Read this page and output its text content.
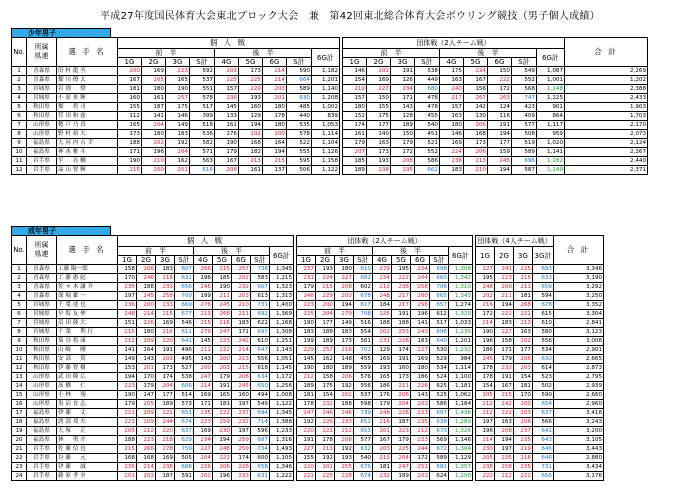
平成27年度国民体育大会東北ブロック大会　兼　第42回東北総合体育大会ボウリング競技（男子個人成績）
少年男子
No.	所属
県連	選 手 名	個 人 戦										団体戦（2人チーム戦）									合 計
			前　半				後　半				6G計		前　半				後　半				6G計	
			1G	2G	3G	S計	4G	5G	6G	S計			1G	2G	3G	S計	4G	5G	6G	S計		
1	青森県	田 村 龍 丞	200	169	223	592	203	173	214	590	1,182		146	201	191	538	175	224	150	549	1,087	2,269
2	青森県	畑 川 僚 太	167	205	165	537	225	225	214	664	1,201		154	169	126	449	163	167	222	552	1,001	1,202
3	宮城県	岩 渕 　 奨	181	180	190	551	157	229	203	589	1,140		219	227	234	680	240	156	172	568	1,248	2,388
4	宮城県	小 原 来 輝	160	161	257	578	236	193	201	630	1,208		157	150	171	478	217	267	263	747	1,225	2,433
5	秋田県	畑 　 将 司	155	187	175	517	145	160	180	485	1,002		180	155	143	478	157	142	124	423	901	1,903
6	秋田県	菅 田 和 慈	112	141	146	399	133	129	178	440	839		152	175	128	455	163	130	116	409	864	1,703
7	山形県	穂 戸 乃 真	165	204	149	518	161	194	180	535	1,053		174	177	189	540	180	206	191	577	1,117	2,170
8	山形県	野 村 裕 大	173	180	183	536	176	202	200	578	1,114		161	140	150	451	146	168	194	508	959	2,073
9	福島県	大 河 内 吉 幸	188	202	192	582	190	168	164	522	1,104		179	163	179	521	169	173	177	519	1,020	2,124
10	福島県	神 氷 雅 斗	171	196	204	571	179	182	194	555	1,126		207	173	172	552	224	206	159	589	1,141	2,267
11	岩手県	平 　 亮 輔	190	210	162	563	167	213	215	595	1,158		185	193	208	586	238	213	245	696	1,282	2,440
12	岩手県	晶 山 智 輝	215	200	201	616	208	161	137	506	1,122		189	238	235	662	183	210	194	587	1,249	2,371
成年男子
No.	所属
県連	選 手 名	個 人 戦										団体戦（2人チーム戦）										団体戦（4人チーム戦）				合 計
			前　半				後　半				6G計		前　半				後　半				6G計		1G	2G	3G	3G計	
			1G	2G	3G	S計	4G	5G	6G	S計			1G	2G	3G	S計	4G	5G	6G	S計							
1	青森県	工藤 陽一郎	158	266	183	607	266	215	257	738	1,345		237	193	180	610	279	195	224	698	1,308		227	241	225	693	3,346
2	青森県	工 藤 憲 紀	170	246	216	632	196	185	202	583	1,215		231	224	227	682	234	222	204	660	1,342		195	223	215	633	3,190
3	青森県	佐 々 木 謙 介	235	188	233	656	245	190	232	667	1,323		179	215	208	602	212	238	258	708	1,310		248	200	211	659	3,292
4	青森県	深 堀 雄 一	197	245	258	700	199	211	203	613	1,313		246	229	203	678	248	217	200	665	1,343		202	211	181	594	3,250
5	宮城県	千 葉 達 也	236	200	233	669	276	245	210	731	1,400		223	200	194	617	184	217	256	657	1,274		216	194	268	678	3,352
6	宮城県	早 坂 友 伸	248	214	215	677	213	268	211	692	1,369		225	204	279	708	225	191	196	612	1,320		172	222	221	615	3,304
7	宮城県	沼 田 隆 大	151	226	169	546	215	216	183	622	1,168		190	177	149	516	188	188	141	517	1,033		214	183	213	610	2,841
8	宮城県	千 葉 　 利 行	215	180	216	611	279	247	171	697	1,308		183	188	183	554	202	253	243	698	1,235		190	227	163	580	3,123
9	秋田県	菊 谷 将 康	212	209	220	641	145	223	242	610	1,251		199	189	173	561	231	226	183	640	1,201		196	158	202	556	3,008
10	秋田県	山 崎 　 剛	141	164	191	496	211	222	214	647	1,143		229	257	216	702	129	174	227	530	1,232		186	171	177	534	2,901
11	秋田県	安 部 　 篤	149	143	203	495	143	200	213	556	1,051		145	162	148	455	169	191	169	529	984		245	179	206	630	2,665
12	秋田県	伊 藤 智 樹	153	201	173	527	200	203	215	618	1,145		190	180	189	559	193	160	180	534	1,114		178	233	203	614	2,873
13	山形県	武 田 隆 広	194	170	174	538	247	179	208	634	1,172		212	158	206	576	165	173	186	524	1,100		178	191	154	523	2,795
14	山形県	髙 橋 　 仁	223	179	204	606	214	191	245	650	1,256		189	175	192	556	186	211	226	625	1,181		154	167	181	502	2,939
15	山形県	小 林 　 翔	190	147	177	514	169	165	160	494	1,008		181	154	202	537	176	206	143	525	1,062		205	215	170	590	2,660
16	山形県	黒 沼 直 志	179	205	189	573	171	181	197	549	1,122		178	232	188	598	179	204	203	586	1,184		212	242	200	654	2,960
17	福島県	伊 藤 　 丈	221	209	221	651	235	222	237	694	1,345		247	246	246	739	248	226	223	697	1,436		212	222	203	637	3,418
18	福島県	渡 部 邦 夫	221	209	244	674	223	259	232	714	1,388		192	226	233	651	216	187	235	638	1,289		197	163	206	566	3,243
19	福島県	大 塚 　 正	205	212	220	637	169	230	197	596	1,233		220	221	212	653	201	223	212	673	1,326		196	208	237	641	3,200
20	福島県	林 　 勇 介	188	223	218	629	234	194	259	687	1,316		191	178	208	577	167	179	223	569	1,146		214	194	235	643	3,105
21	岩手県	佐 藤 信 也	215	266	278	759	227	248	259	734	1,493		227	213	192	632	203	225	244	672	1,304		230	197	219	646	3,443
22	岩手県	谷 藤 　 元	168	168	169	505	204	222	174	600	1,105		155	192	193	540	213	204	172	589	1,129		205	225	216	646	2,880
23	岩手県	伊 藤 　 誠	236	214	238	688	226	206	226	658	1,346		220	201	255	676	181	247	253	681	1,357		238	258	235	731	3,434
24	岩手県	藤 原 孝 至	201	203	187	591	202	196	233	631	1,222		221	225	228	674	232	189	203	624	1,298		222	212	222	656	3,176
